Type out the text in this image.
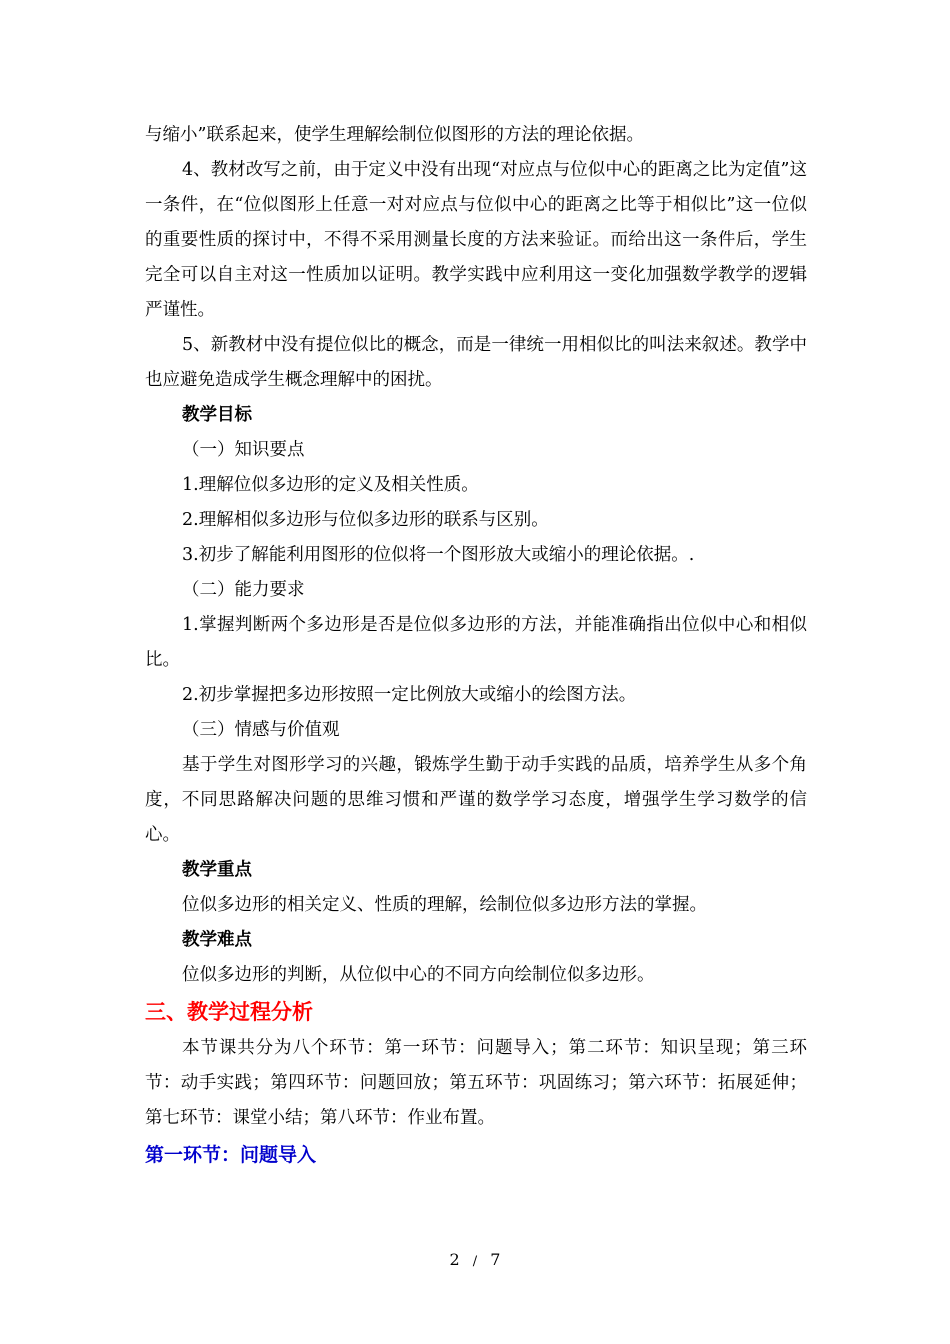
与缩小”联系起来，使学生理解绘制位似图形的方法的理论依据。

4、教材改写之前，由于定义中没有出现“对应点与位似中心的距离之比为定值”这一条件，在“位似图形上任意一对对应点与位似中心的距离之比等于相似比”这一位似的重要性质的探讨中，不得不采用测量长度的方法来验证。而给出这一条件后，学生完全可以自主对这一性质加以证明。教学实践中应利用这一变化加强数学教学的逻辑严谨性。

5、新教材中没有提位似比的概念，而是一律统一用相似比的叫法来叙述。教学中也应避免造成学生概念理解中的困扰。

教学目标

（一）知识要点

1.理解位似多边形的定义及相关性质。

2.理解相似多边形与位似多边形的联系与区别。

3.初步了解能利用图形的位似将一个图形放大或缩小的理论依据。.

（二）能力要求

1.掌握判断两个多边形是否是位似多边形的方法，并能准确指出位似中心和相似比。

2.初步掌握把多边形按照一定比例放大或缩小的绘图方法。

（三）情感与价值观

基于学生对图形学习的兴趣，锻炼学生勤于动手实践的品质，培养学生从多个角度，不同思路解决问题的思维习惯和严谨的数学学习态度，增强学生学习数学的信心。

教学重点

位似多边形的相关定义、性质的理解，绘制位似多边形方法的掌握。

教学难点

位似多边形的判断，从位似中心的不同方向绘制位似多边形。

三、教学过程分析

本节课共分为八个环节：第一环节：问题导入；第二环节：知识呈现；第三环节：动手实践；第四环节：问题回放；第五环节：巩固练习；第六环节：拓展延伸；第七环节：课堂小结；第八环节：作业布置。

第一环节：问题导入

2 / 7
